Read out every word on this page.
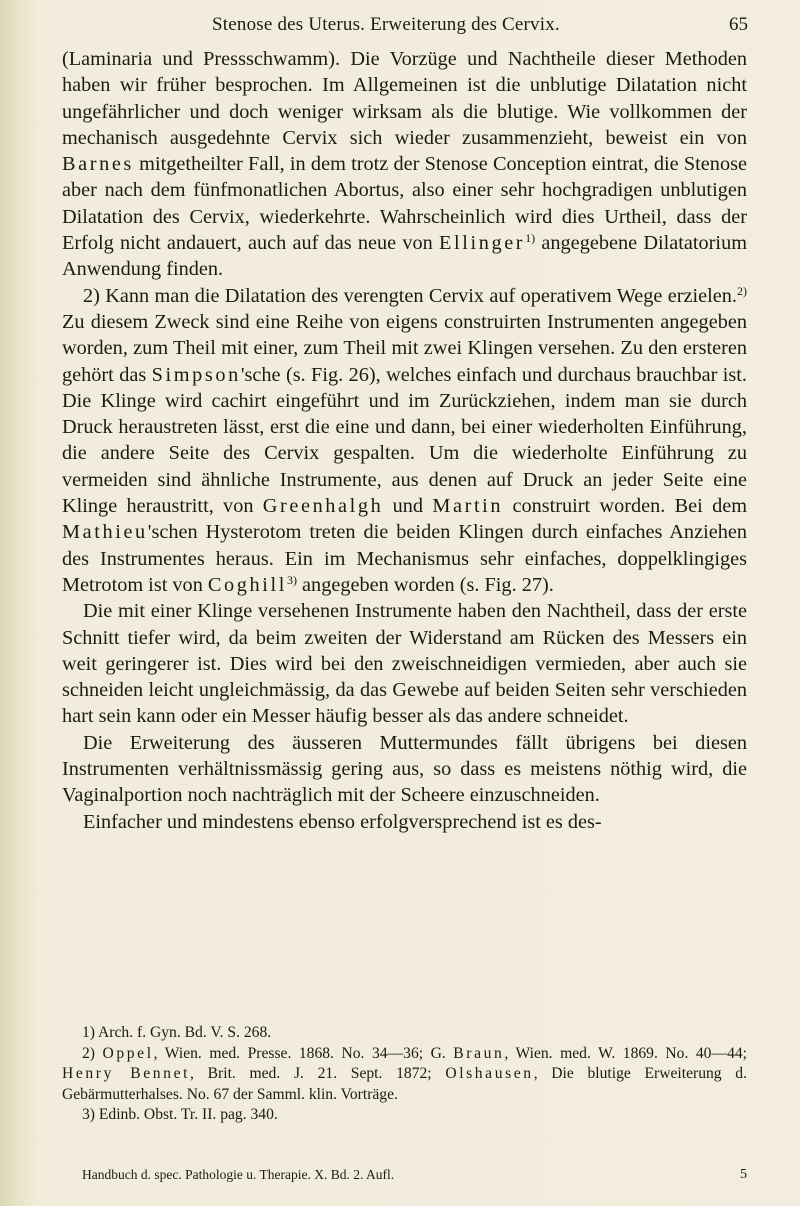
Stenose des Uterus. Erweiterung des Cervix.	65

(Laminaria und Pressschwamm). Die Vorzüge und Nachtheile dieser Methoden haben wir früher besprochen. Im Allgemeinen ist die unblutige Dilatation nicht ungefährlicher und doch weniger wirksam als die blutige. Wie vollkommen der mechanisch ausgedehnte Cervix sich wieder zusammenzieht, beweist ein von Barnes mitgetheilter Fall, in dem trotz der Stenose Conception eintrat, die Stenose aber nach dem fünfmonatlichen Abortus, also einer sehr hochgradigen unblutigen Dilatation des Cervix, wiederkehrte. Wahrscheinlich wird dies Urtheil, dass der Erfolg nicht andauert, auch auf das neue von Ellinger$^{1)}$ angegebene Dilatatorium Anwendung finden.

2) Kann man die Dilatation des verengten Cervix auf operativem Wege erzielen.$^{2)}$ Zu diesem Zweck sind eine Reihe von eigens construirten Instrumenten angegeben worden, zum Theil mit einer, zum Theil mit zwei Klingen versehen. Zu den ersteren gehört das Simpson'sche (s. Fig. 26), welches einfach und durchaus brauchbar ist. Die Klinge wird cachirt eingeführt und im Zurückziehen, indem man sie durch Druck heraustreten lässt, erst die eine und dann, bei einer wiederholten Einführung, die andere Seite des Cervix gespalten. Um die wiederholte Einführung zu vermeiden sind ähnliche Instrumente, aus denen auf Druck an jeder Seite eine Klinge heraustritt, von Greenhalgh und Martin construirt worden. Bei dem Mathieu'schen Hysterotom treten die beiden Klingen durch einfaches Anziehen des Instrumentes heraus. Ein im Mechanismus sehr einfaches, doppelklingiges Metrotom ist von Coghill$^{3)}$ angegeben worden (s. Fig. 27).

Die mit einer Klinge versehenen Instrumente haben den Nachtheil, dass der erste Schnitt tiefer wird, da beim zweiten der Widerstand am Rücken des Messers ein weit geringerer ist. Dies wird bei den zweischneidigen vermieden, aber auch sie schneiden leicht ungleichmässig, da das Gewebe auf beiden Seiten sehr verschieden hart sein kann oder ein Messer häufig besser als das andere schneidet.

Die Erweiterung des äusseren Muttermundes fällt übrigens bei diesen Instrumenten verhältnissmässig gering aus, so dass es meistens nöthig wird, die Vaginalportion noch nachträglich mit der Scheere einzuschneiden.

Einfacher und mindestens ebenso erfolgversprechend ist es des-

1) Arch. f. Gyn. Bd. V. S. 268.

2) Oppel, Wien. med. Presse. 1868. No. 34—36; G. Braun, Wien. med. W. 1869. No. 40—44; Henry Bennet, Brit. med. J. 21. Sept. 1872; Olshausen, Die blutige Erweiterung d. Gebärmutterhalses. No. 67 der Samml. klin. Vorträge.

3) Edinb. Obst. Tr. II. pag. 340.

Handbuch d. spec. Pathologie u. Therapie. X. Bd. 2. Aufl.	5
